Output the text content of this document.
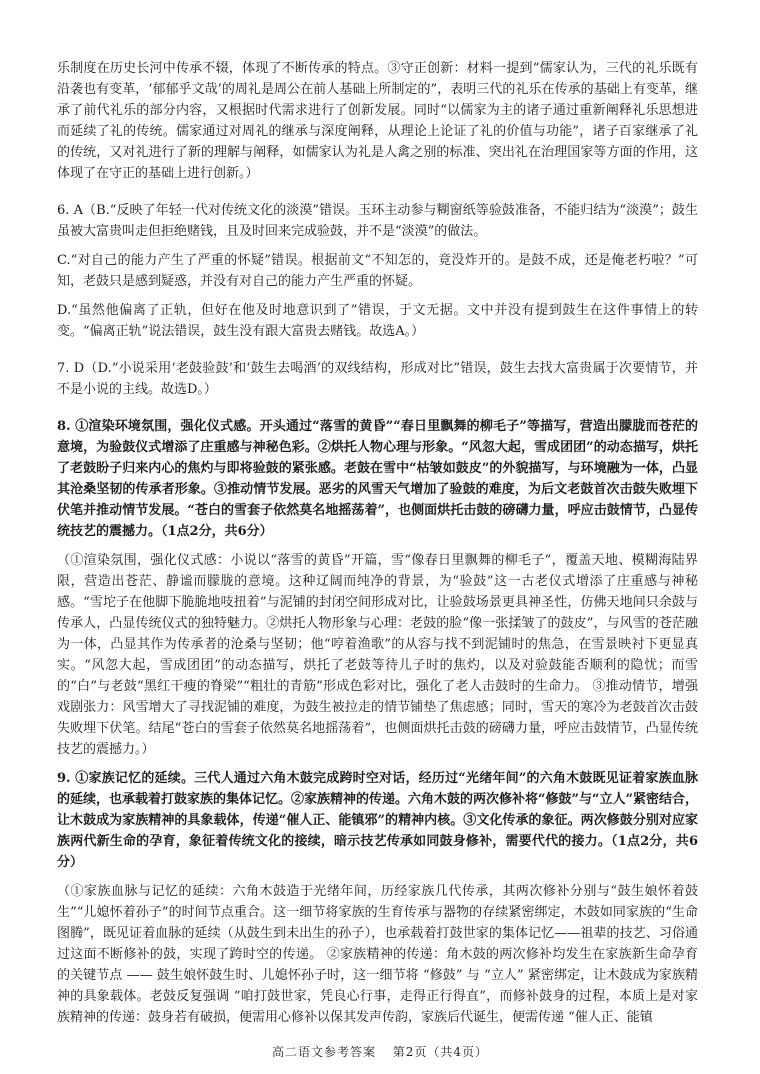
乐制度在历史长河中传承不辍，体现了不断传承的特点。③守正创新：材料一提到“儒家认为，三代的礼乐既有沿袭也有变革，‘郁郁乎文哉’的周礼是周公在前人基础上所制定的”，表明三代的礼乐在传承的基础上有变革，继承了前代礼乐的部分内容，又根据时代需求进行了创新发展。同时“以儒家为主的诸子通过重新阐释礼乐思想进而延续了礼的传统。儒家通过对周礼的继承与深度阐释，从理论上论证了礼的价值与功能”，诸子百家继承了礼的传统，又对礼进行了新的理解与阐释，如儒家认为礼是人禽之别的标准、突出礼在治理国家等方面的作用，这体现了在守正的基础上进行创新。）

6. A（B.“反映了年轻一代对传统文化的淡漠”错误。玉环主动参与糊窗纸等验鼓准备，不能归结为“淡漠”；鼓生虽被大富贵叫走但拒绝赌钱，且及时回来完成验鼓，并不是“淡漠”的做法。

C.“对自己的能力产生了严重的怀疑”错误。根据前文“不知怎的，竟没炸开的。是鼓不成，还是俺老朽啦？”可知，老鼓只是感到疑惑，并没有对自己的能力产生严重的怀疑。

D.“虽然他偏离了正轨，但好在他及时地意识到了”错误，于文无据。文中并没有提到鼓生在这件事情上的转变。“偏离正轨”说法错误，鼓生没有跟大富贵去赌钱。故选A。）

7. D（D.“小说采用‘老鼓验鼓’和‘鼓生去喝酒’的双线结构，形成对比”错误，鼓生去找大富贵属于次要情节，并不是小说的主线。故选D。）

8. ①渲染环境氛围，强化仪式感。开头通过“落雪的黄昏”“春日里飘舞的柳毛子”等描写，营造出朦胧而苍茫的意境，为验鼓仪式增添了庄重感与神秘色彩。②烘托人物心理与形象。“风忽大起，雪成团团”的动态描写，烘托了老鼓盼子归来内心的焦灼与即将验鼓的紧张感。老鼓在雪中“枯皱如鼓皮”的外貌描写，与环境融为一体，凸显其沧桑坚韧的传承者形象。③推动情节发展。恶劣的风雪天气增加了验鼓的难度，为后文老鼓首次击鼓失败埋下伏笔并推动情节发展。“苍白的雪套子依然莫名地摇荡着”，也侧面烘托击鼓的磅礴力量，呼应击鼓情节，凸显传统技艺的震撼力。（1点2分，共6分）

（①渲染氛围，强化仪式感：小说以“落雪的黄昏”开篇，雪“像春日里飘舞的柳毛子”，覆盖天地、模糊海陆界限，营造出苍茫、静谧而朦胧的意境。这种辽阔而纯净的背景，为“验鼓”这一古老仪式增添了庄重感与神秘感。“雪坨子在他脚下脆脆地吱扭着”与泥铺的封闭空间形成对比，让验鼓场景更具神圣性，仿佛天地间只余鼓与传承人，凸显传统仪式的独特魅力。②烘托人物形象与心理：老鼓的脸“像一张揉皱了的鼓皮”，与风雪的苍茫融为一体，凸显其作为传承者的沧桑与坚韧；他“哼着渔歌”的从容与找不到泥铺时的焦急，在雪景映衬下更显真实。“风忽大起，雪成团团”的动态描写，烘托了老鼓等待儿子时的焦灼，以及对验鼓能否顺利的隐忧；而雪的“白”与老鼓“黑红干瘦的脊梁”“粗壮的青筋”形成色彩对比，强化了老人击鼓时的生命力。 ③推动情节，增强戏剧张力：风雪增大了寻找泥铺的难度，为鼓生被拉走的情节铺垫了焦虑感；同时，雪天的寒冷为老鼓首次击鼓失败埋下伏笔。结尾“苍白的雪套子依然莫名地摇荡着”，也侧面烘托击鼓的磅礴力量，呼应击鼓情节，凸显传统技艺的震撼力。）

9. ①家族记忆的延续。三代人通过六角木鼓完成跨时空对话，经历过“光绪年间”的六角木鼓既见证着家族血脉的延续，也承载着打鼓家族的集体记忆。②家族精神的传递。六角木鼓的两次修补将“修鼓”与“立人”紧密结合，让木鼓成为家族精神的具象载体，传递“催人正、能镇邪”的精神内核。③文化传承的象征。两次修鼓分别对应家族两代新生命的孕育，象征着传统文化的接续，暗示技艺传承如同鼓身修补，需要代代的接力。（1点2分，共6分）

（①家族血脉与记忆的延续：六角木鼓造于光绪年间，历经家族几代传承，其两次修补分别与“鼓生娘怀着鼓生”“儿媳怀着孙子”的时间节点重合。这一细节将家族的生育传承与器物的存续紧密绑定，木鼓如同家族的“生命图腾”，既见证着血脉的延续（从鼓生到未出生的孙子），也承载着打鼓世家的集体记忆——祖辈的技艺、习俗通过这面不断修补的鼓，实现了跨时空的传递。 ②家族精神的传递：角木鼓的两次修补均发生在家族新生命孕育的关键节点 —— 鼓生娘怀鼓生时、儿媳怀孙子时，这一细节将 “修鼓” 与 “立人” 紧密绑定，让木鼓成为家族精神的具象载体。老鼓反复强调 “咱打鼓世家，凭良心行事，走得正行得直”，而修补鼓身的过程，本质上是对家族精神的传递：鼓身若有破损，便需用心修补以保其发声传韵，家族后代诞生，便需传递 “催人正、能镇

高二语文参考答案 第2页（共4页）
